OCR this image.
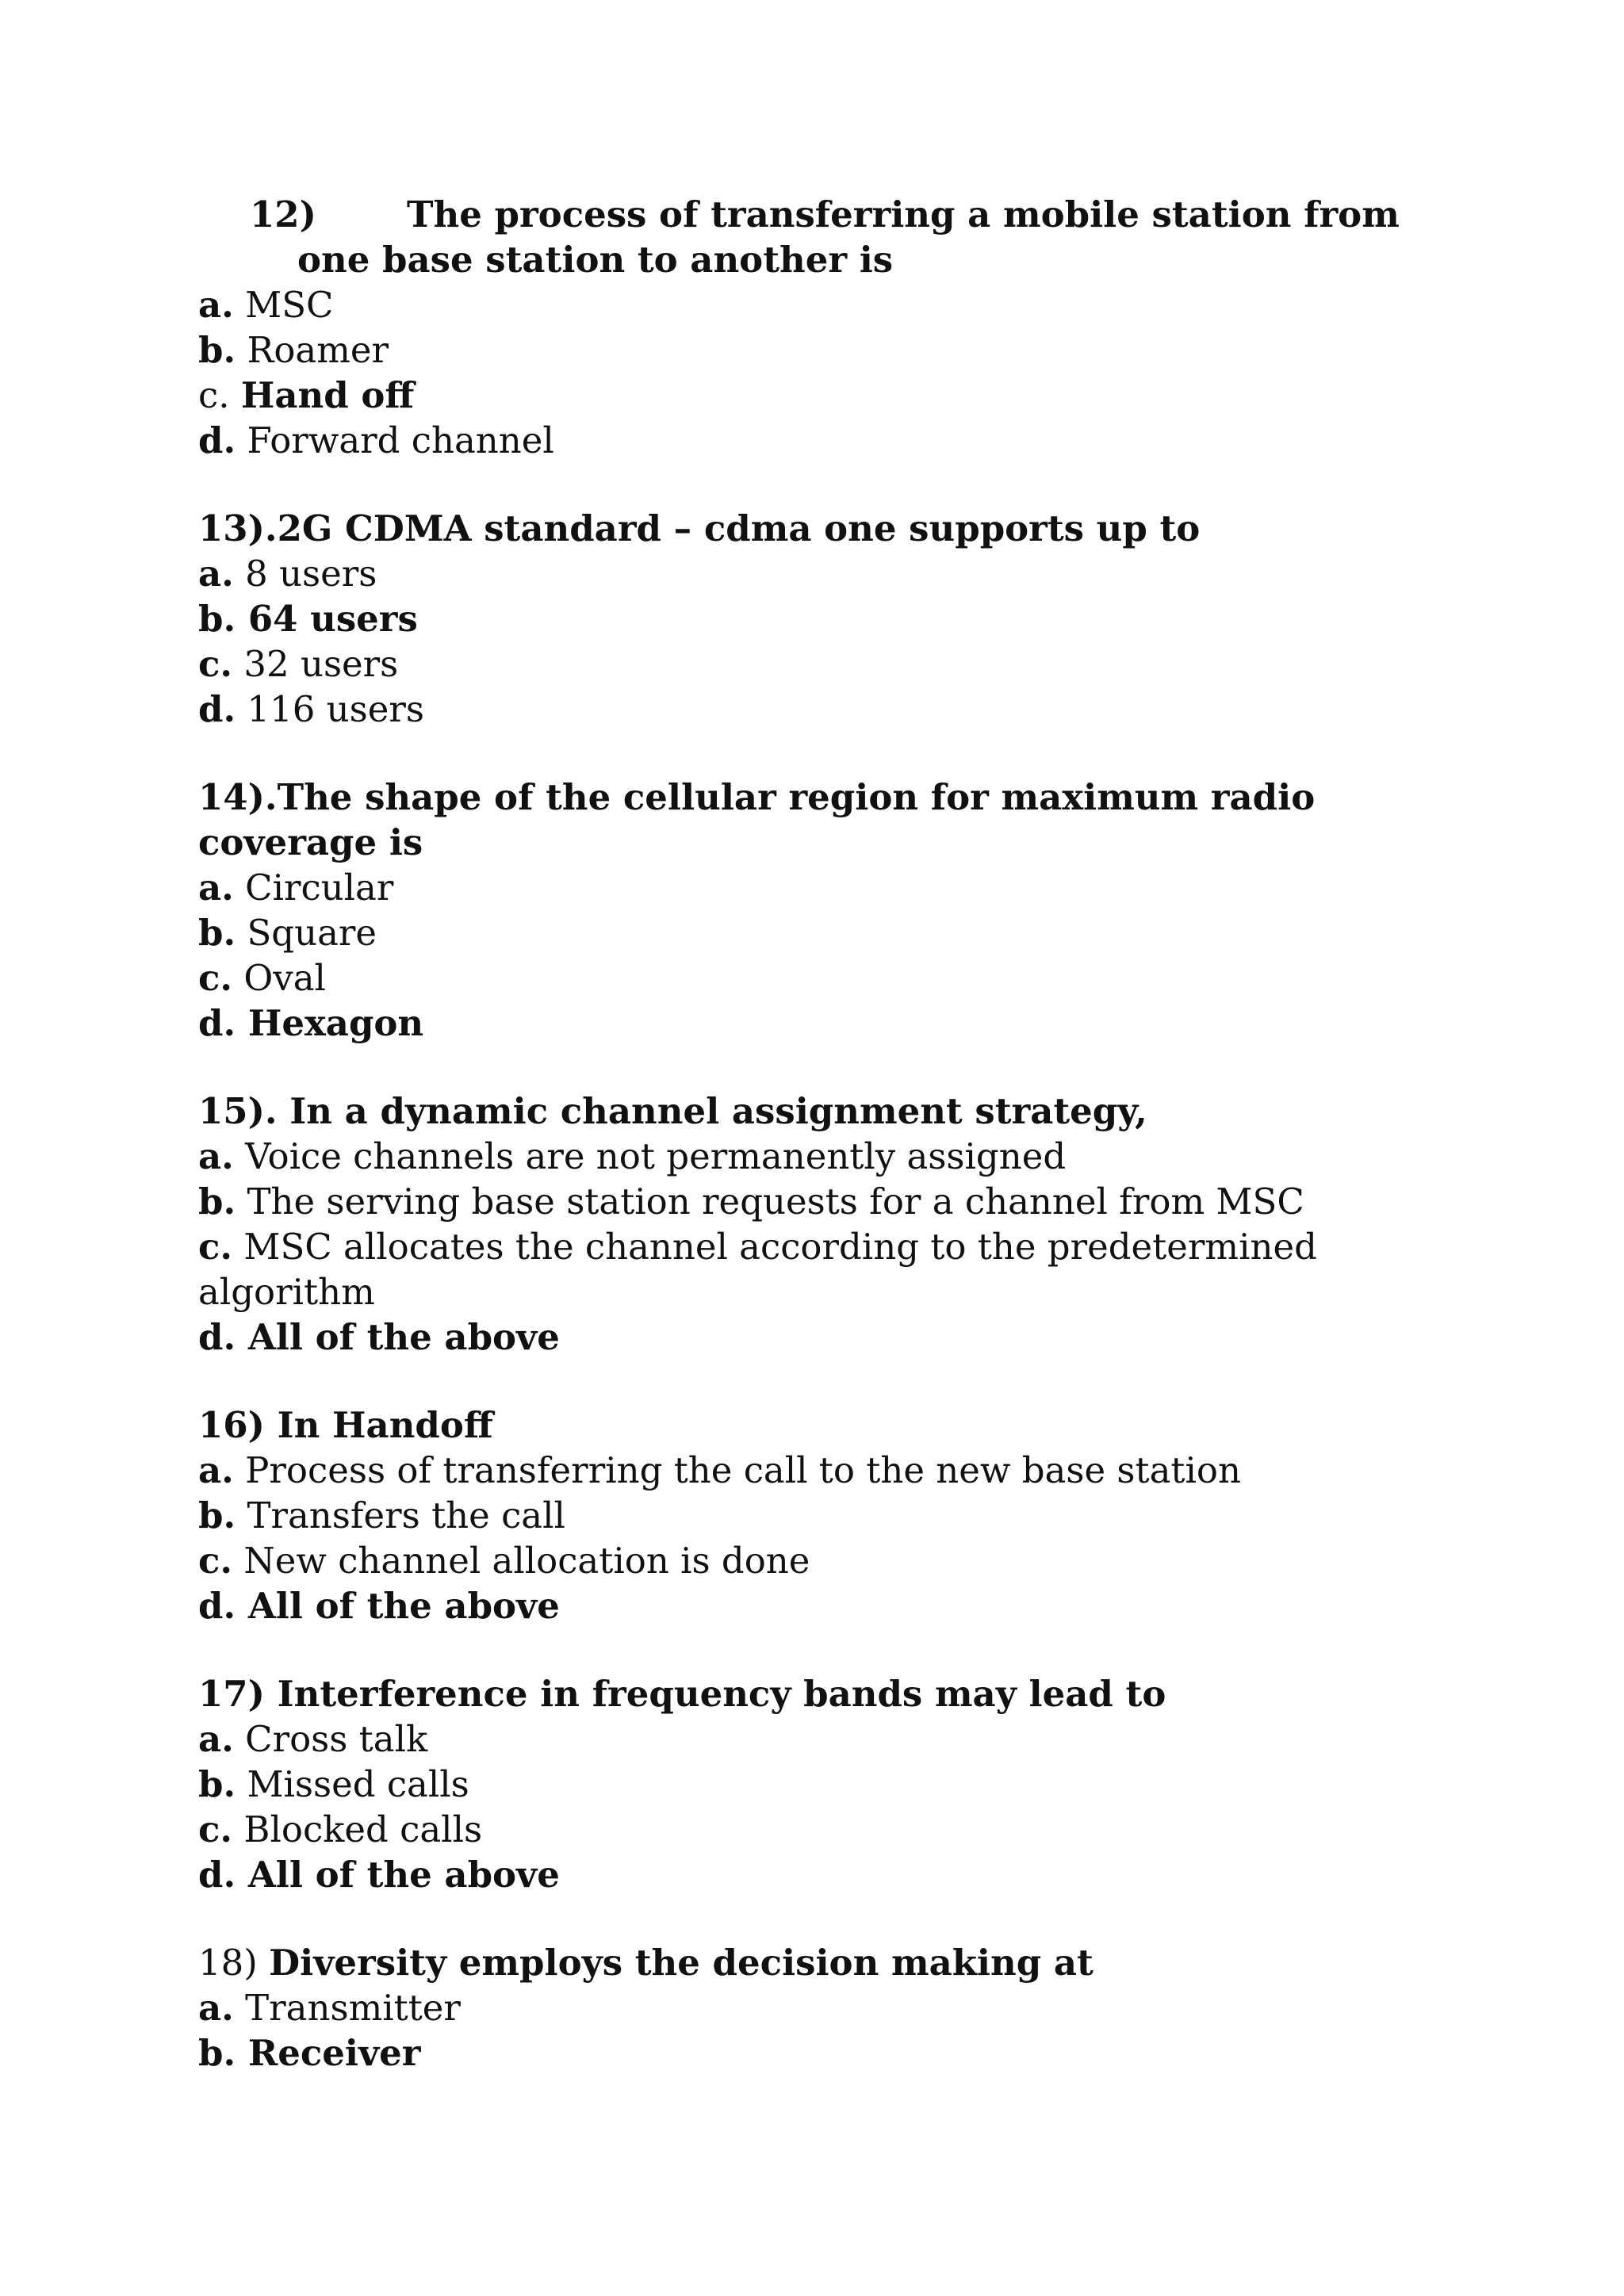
12)	The process of transferring a mobile station from
one base station to another is
a. MSC
b. Roamer
c. Hand off
d. Forward channel
13).2G CDMA standard – cdma one supports up to
a. 8 users
b. 64 users
c. 32 users
d. 116 users
14).The shape of the cellular region for maximum radio coverage is
a. Circular
b. Square
c. Oval
d. Hexagon
15). In a dynamic channel assignment strategy,
a. Voice channels are not permanently assigned
b. The serving base station requests for a channel from MSC
c. MSC allocates the channel according to the predetermined algorithm
d. All of the above
16) In Handoff
a. Process of transferring the call to the new base station
b. Transfers the call
c. New channel allocation is done
d. All of the above
17) Interference in frequency bands may lead to
a. Cross talk
b. Missed calls
c. Blocked calls
d. All of the above
18) Diversity employs the decision making at
a. Transmitter
b. Receiver
